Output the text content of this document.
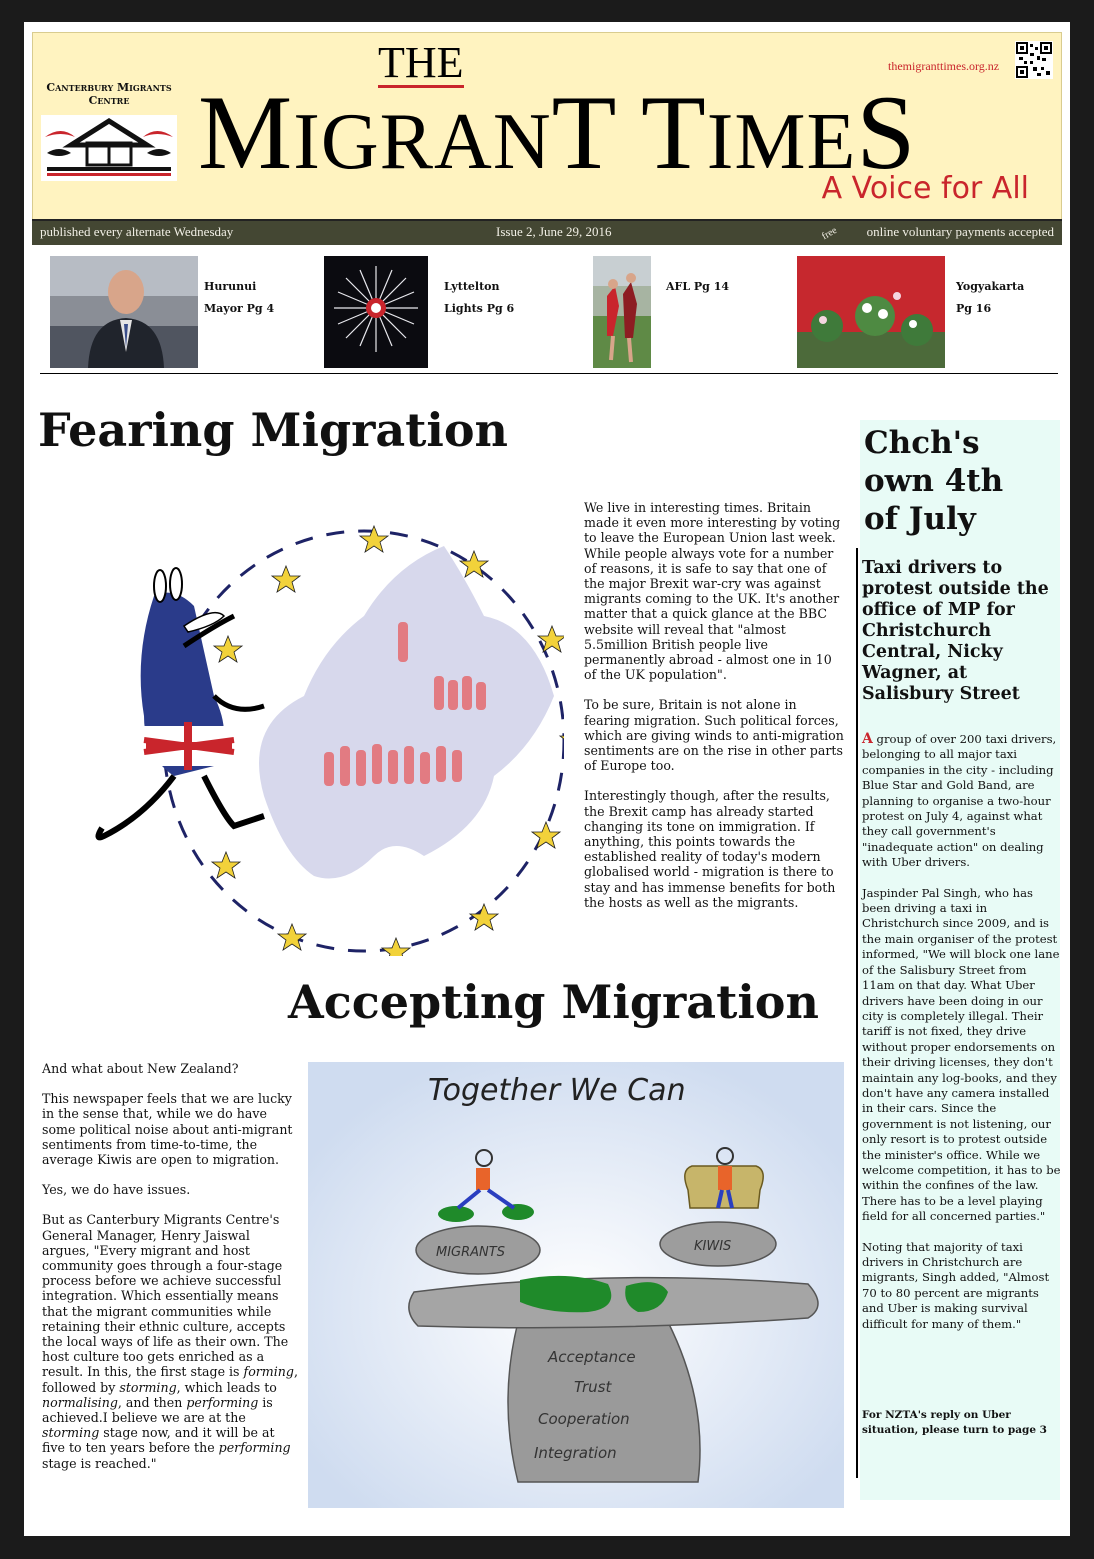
Canterbury Migrants Centre
THE
MIGRANT TIMES
themigranttimes.org.nz
A Voice for All
published every alternate Wednesday	Issue 2, June 29, 2016	free online voluntary payments accepted
Hurunui
Mayor Pg 4
Lyttelton
Lights Pg 6
AFL Pg 14	Yogyakarta
Pg 16
Fearing Migration

We live in interesting times. Britain made it even more interesting by voting to leave the European Union last week. While people always vote for a number of reasons, it is safe to say that one of the major Brexit war-cry was against migrants coming to the UK. It's another matter that a quick glance at the BBC website will reveal that "almost 5.5million British people live permanently abroad - almost one in 10 of the UK population".

To be sure, Britain is not alone in fearing migration. Such political forces, which are giving winds to anti-migration sentiments are on the rise in other parts of Europe too.

Interestingly though, after the results, the Brexit camp has already started changing its tone on immigration. If anything, this points towards the established reality of today's modern globalised world - migration is there to stay and has immense benefits for both the hosts as well as the migrants.

Accepting Migration

And what about New Zealand?

This newspaper feels that we are lucky in the sense that, while we do have some political noise about anti-migrant sentiments from time-to-time, the average Kiwis are open to migration.

Yes, we do have issues.

But as Canterbury Migrants Centre's General Manager, Henry Jaiswal argues, "Every migrant and host community goes through a four-stage process before we achieve successful integration. Which essentially means that the migrant communities while retaining their ethnic culture, accepts the local ways of life as their own. The host culture too gets enriched as a result. In this, the first stage is forming, followed by storming, which leads to normalising, and then performing is achieved.I believe we are at the storming stage now, and it will be at five to ten years before the performing stage is reached."

Together We Can
Acceptance
Trust
Cooperation
Integration
MIGRANTS	KIWIS
Chch's
own 4th
of July
Taxi drivers to protest outside the office of MP for Christchurch Central, Nicky Wagner, at Salisbury Street

A group of over 200 taxi drivers, belonging to all major taxi companies in the city - including Blue Star and Gold Band, are planning to organise a two-hour protest on July 4, against what they call government's "inadequate action" on dealing with Uber drivers.

Jaspinder Pal Singh, who has been driving a taxi in Christchurch since 2009, and is the main organiser of the protest informed, "We will block one lane of the Salisbury Street from 11am on that day. What Uber drivers have been doing in our city is completely illegal. Their tariff is not fixed, they drive without proper endorsements on their driving licenses, they don't maintain any log-books, and they don't have any camera installed in their cars. Since the government is not listening, our only resort is to protest outside the minister's office. While we welcome competition, it has to be within the confines of the law. There has to be a level playing field for all concerned parties."

Noting that majority of taxi drivers in Christchurch are migrants, Singh added, "Almost 70 to 80 percent are migrants and Uber is making survival difficult for many of them."

For NZTA's reply on Uber situation, please turn to page 3
